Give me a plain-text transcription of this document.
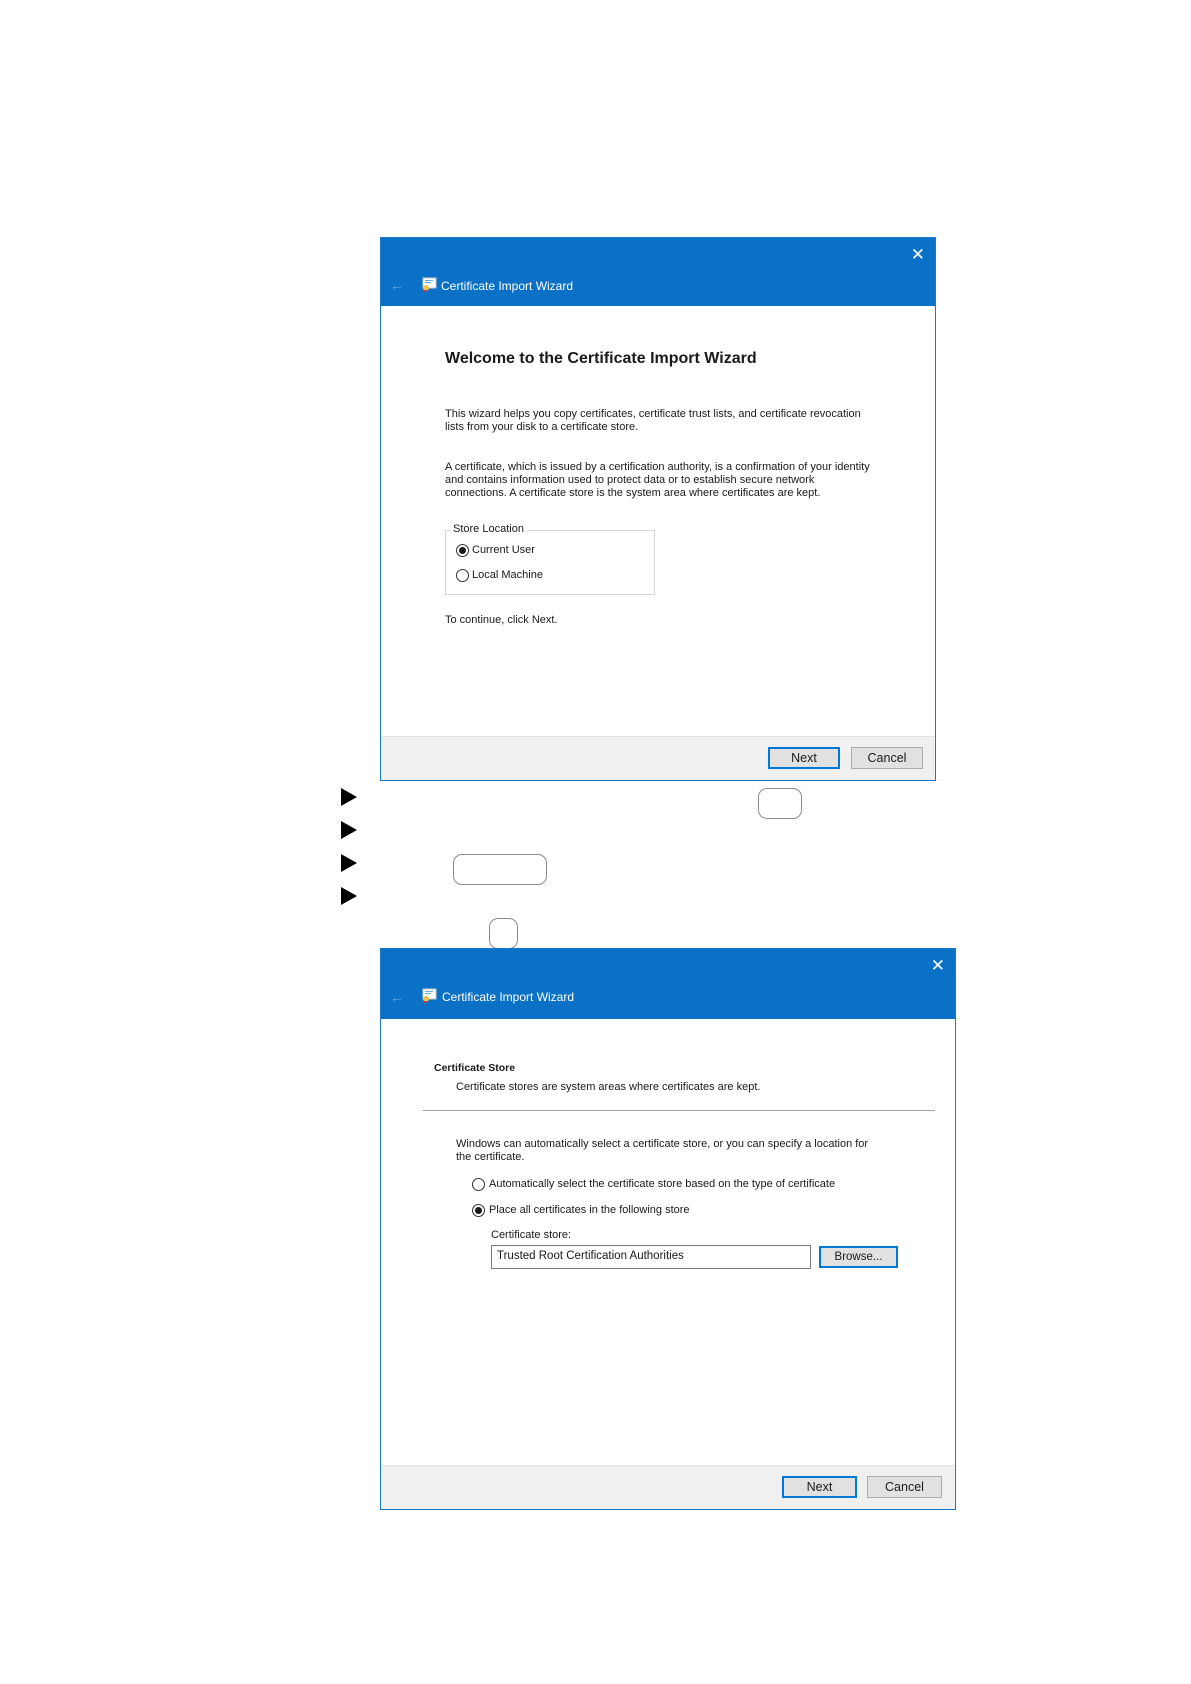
✕
←	Certificate Import Wizard
Welcome to the Certificate Import Wizard
This wizard helps you copy certificates, certificate trust lists, and certificate revocation
lists from your disk to a certificate store.
A certificate, which is issued by a certification authority, is a confirmation of your identity
and contains information used to protect data or to establish secure network
connections. A certificate store is the system area where certificates are kept.
Store Location
Current User
Local Machine
To continue, click Next.
Next	Cancel
✕
←	Certificate Import Wizard
Certificate Store
Certificate stores are system areas where certificates are kept.
Windows can automatically select a certificate store, or you can specify a location for
the certificate.
Automatically select the certificate store based on the type of certificate
Place all certificates in the following store
Certificate store:
Trusted Root Certification Authorities	Browse...
Next	Cancel
